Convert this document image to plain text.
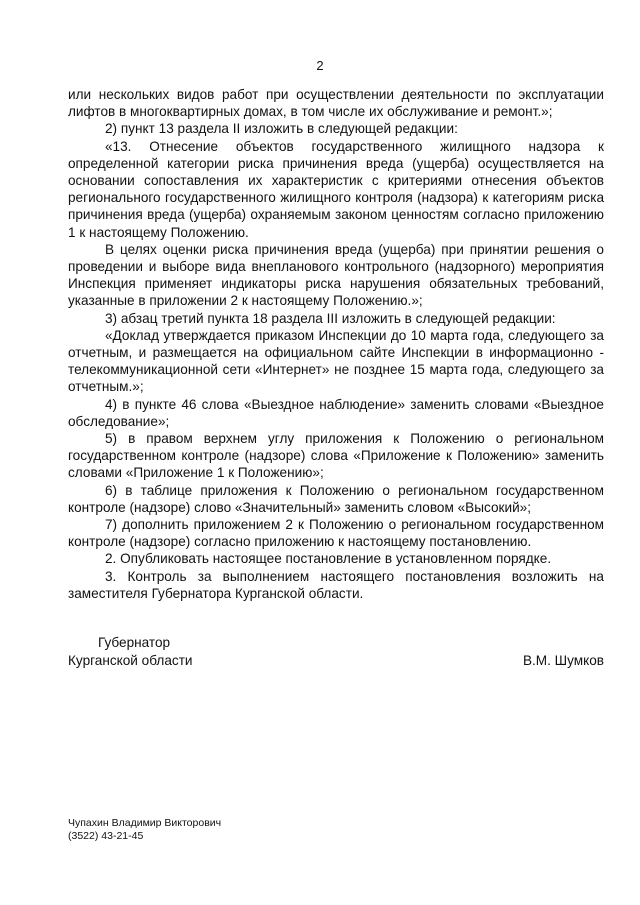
2

или нескольких видов работ при осуществлении деятельности по эксплуатации лифтов в многоквартирных домах, в том числе их обслуживание и ремонт.»;

2) пункт 13 раздела II изложить в следующей редакции:

«13. Отнесение объектов государственного жилищного надзора к определенной категории риска причинения вреда (ущерба) осуществляется на основании сопоставления их характеристик с критериями отнесения объектов регионального государственного жилищного контроля (надзора) к категориям риска причинения вреда (ущерба) охраняемым законом ценностям согласно приложению 1 к настоящему Положению.

В целях оценки риска причинения вреда (ущерба) при принятии решения о проведении и выборе вида внепланового контрольного (надзорного) мероприятия Инспекция применяет индикаторы риска нарушения обязательных требований, указанные в приложении 2 к настоящему Положению.»;

3) абзац третий пункта 18 раздела III изложить в следующей редакции:

«Доклад утверждается приказом Инспекции до 10 марта года, следующего за отчетным, и размещается на официальном сайте Инспекции в информационно - телекоммуникационной сети «Интернет» не позднее 15 марта года, следующего за отчетным.»;

4) в пункте 46 слова «Выездное наблюдение» заменить словами «Выездное обследование»;

5) в правом верхнем углу приложения к Положению о региональном государственном контроле (надзоре) слова «Приложение к Положению» заменить словами «Приложение 1 к Положению»;

6) в таблице приложения к Положению о региональном государственном контроле (надзоре) слово «Значительный» заменить словом «Высокий»;

7) дополнить приложением 2 к Положению о региональном государственном контроле (надзоре) согласно приложению к настоящему постановлению.

2. Опубликовать настоящее постановление в установленном порядке.

3. Контроль за выполнением настоящего постановления возложить на заместителя Губернатора Курганской области.

Губернатор
Курганской области	В.М. Шумков
Чупахин Владимир Викторович
(3522) 43-21-45
